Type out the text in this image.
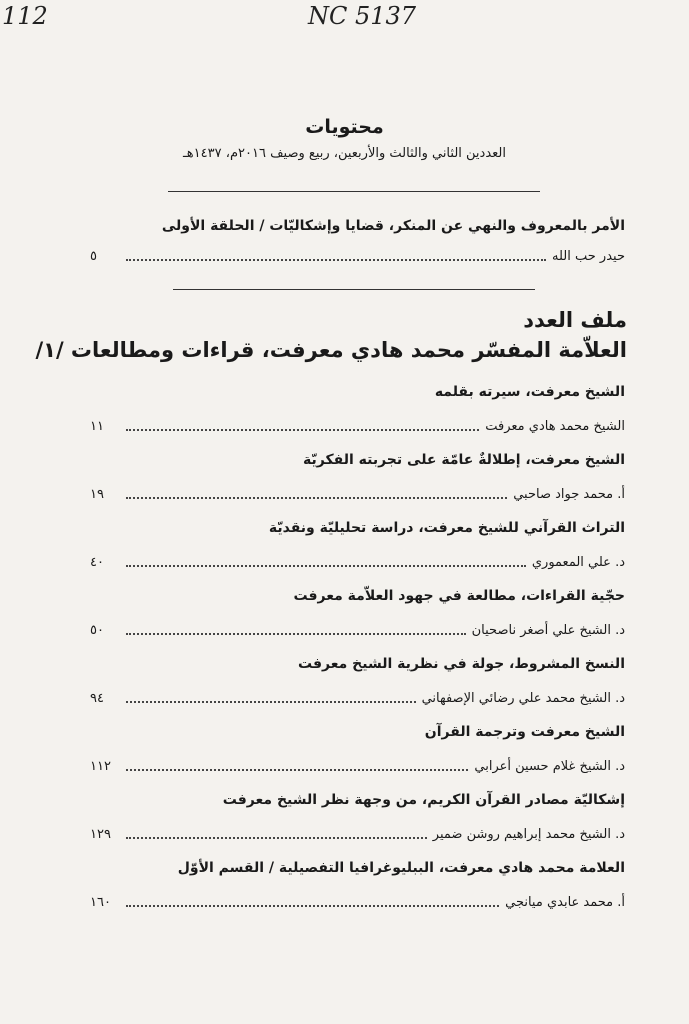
112	NC 5137
محتويات
العددين الثاني والثالث والأربعين، ربيع وصيف ٢٠١٦م، ١٤٣٧هـ
الأمر بالمعروف والنهي عن المنكر، قضايا وإشكاليّات / الحلقة الأولى
حيدر حب الله
٥
ملف العدد
العلاّمة المفسّر محمد هادي معرفت، قراءات ومطالعات /١/
الشيخ معرفت، سيرته بقلمه
الشيخ محمد هادي معرفت
١١
الشيخ معرفت، إطلالةٌ عامّة على تجربته الفكريّة
أ. محمد جواد صاحبي
١٩
التراث القرآني للشيخ معرفت، دراسة تحليليّة ونقديّة
د. علي المعموري
٤٠
حجّية القراءات، مطالعة في جهود العلاّمة معرفت
د. الشيخ علي أصغر ناصحيان
٥٠
النسخ المشروط، جولة في نظرية الشيخ معرفت
د. الشيخ محمد علي رضائي الإصفهاني
٩٤
الشيخ معرفت وترجمة القرآن
د. الشيخ غلام حسين أعرابي
١١٢
إشكاليّة مصادر القرآن الكريم، من وجهة نظر الشيخ معرفت
د. الشيخ محمد إبراهيم روشن ضمير
١٢٩
العلامة محمد هادي معرفت، الببليوغرافيا التفصيلية / القسم الأوّل
أ. محمد عابدي ميانجي
١٦٠
